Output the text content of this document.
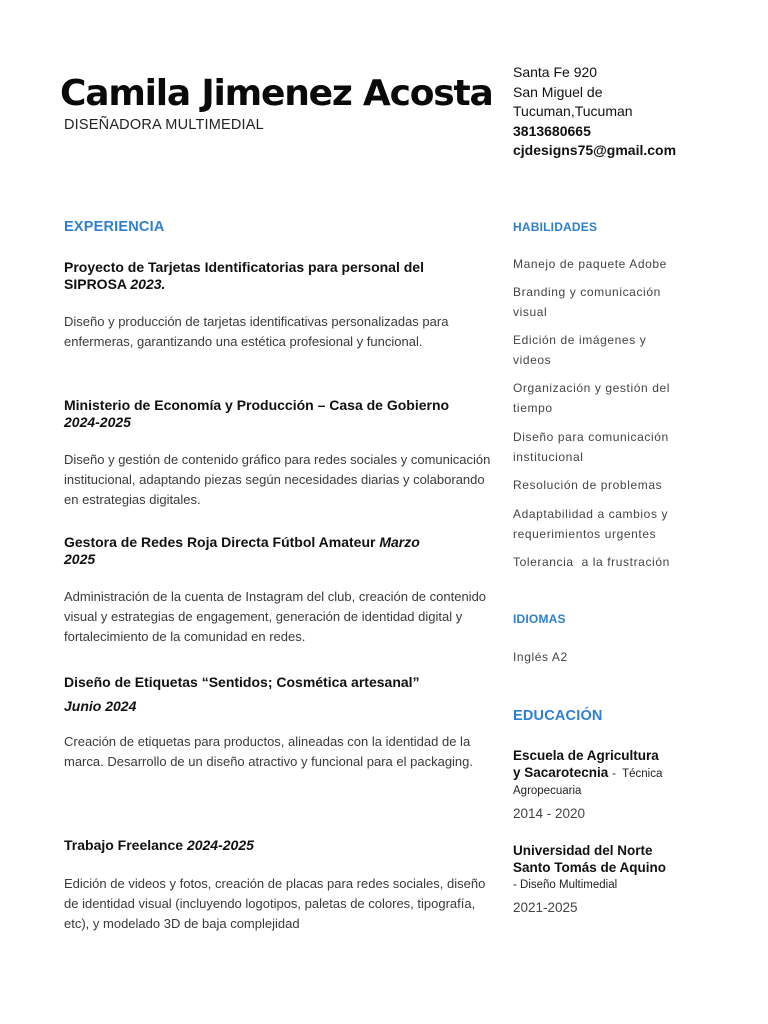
Camila Jimenez Acosta
DISEÑADORA MULTIMEDIAL
Santa Fe 920
San Miguel de
Tucuman,Tucuman
3813680665
cjdesigns75@gmail.com
EXPERIENCIA

Proyecto de Tarjetas Identificatorias para personal del
SIPROSA 2023.

Diseño y producción de tarjetas identificativas personalizadas para enfermeras, garantizando una estética profesional y funcional.

Ministerio de Economía y Producción – Casa de Gobierno
2024-2025

Diseño y gestión de contenido gráfico para redes sociales y comunicación institucional, adaptando piezas según necesidades diarias y colaborando en estrategias digitales.

Gestora de Redes Roja Directa Fútbol Amateur Marzo
2025

Administración de la cuenta de Instagram del club, creación de contenido visual y estrategias de engagement, generación de identidad digital y fortalecimiento de la comunidad en redes.

Diseño de Etiquetas “Sentidos; Cosmética artesanal”
Junio 2024

Creación de etiquetas para productos, alineadas con la identidad de la marca. Desarrollo de un diseño atractivo y funcional para el packaging.

Trabajo Freelance 2024-2025

Edición de videos y fotos, creación de placas para redes sociales, diseño de identidad visual (incluyendo logotipos, paletas de colores, tipografía, etc), y modelado 3D de baja complejidad

HABILIDADES
Manejo de paquete Adobe
Branding y comunicación visual
Edición de imágenes y videos
Organización y gestión del tiempo
Diseño para comunicación institucional
Resolución de problemas
Adaptabilidad a cambios y requerimientos urgentes
Tolerancia  a la frustración
IDIOMAS
Inglés A2
EDUCACIÓN
Escuela de Agricultura
y Sacarotecnia -  Técnica
Agropecuaria
2014 - 2020
Universidad del Norte
Santo Tomás de Aquino
- Diseño Multimedial
2021-2025
